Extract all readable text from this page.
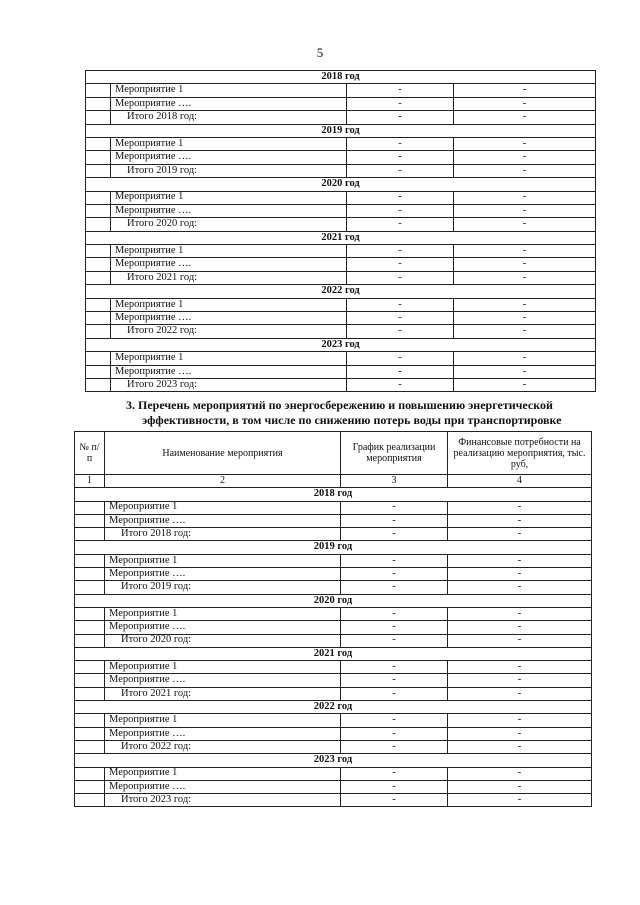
5
2018 год			
	Мероприятие 1	-	-
	Мероприятие ….	-	-
	Итого 2018 год:	-	-
2019 год			
	Мероприятие 1	-	-
	Мероприятие ….	-	-
	Итого 2019 год:	-	-
2020 год			
	Мероприятие 1	-	-
	Мероприятие ….	-	-
	Итого 2020 год:	-	-
2021 год			
	Мероприятие 1	-	-
	Мероприятие ….	-	-
	Итого 2021 год:	-	-
2022 год			
	Мероприятие 1	-	-
	Мероприятие ….	-	-
	Итого 2022 год:	-	-
2023 год			
	Мероприятие 1	-	-
	Мероприятие ….	-	-
	Итого 2023 год:	-	-
3. Перечень мероприятий по энергосбережению и повышению энергетической
эффективности, в том числе по снижению потерь воды при транспортировке
№ п/п	Наименование мероприятия	График реализации мероприятия	Финансовые потребности на реализацию мероприятия, тыс. руб,
1	2	3	4
2018 год			
	Мероприятие 1	-	-
	Мероприятие ….	-	-
	Итого 2018 год:	-	-
2019 год			
	Мероприятие 1	-	-
	Мероприятие ….	-	-
	Итого 2019 год:	-	-
2020 год			
	Мероприятие 1	-	-
	Мероприятие ….	-	-
	Итого 2020 год:	-	-
2021 год			
	Мероприятие 1	-	-
	Мероприятие ….	-	-
	Итого 2021 год:	-	-
2022 год			
	Мероприятие 1	-	-
	Мероприятие ….	-	-
	Итого 2022 год:	-	-
2023 год			
	Мероприятие 1	-	-
	Мероприятие ….	-	-
	Итого 2023 год:	-	-
